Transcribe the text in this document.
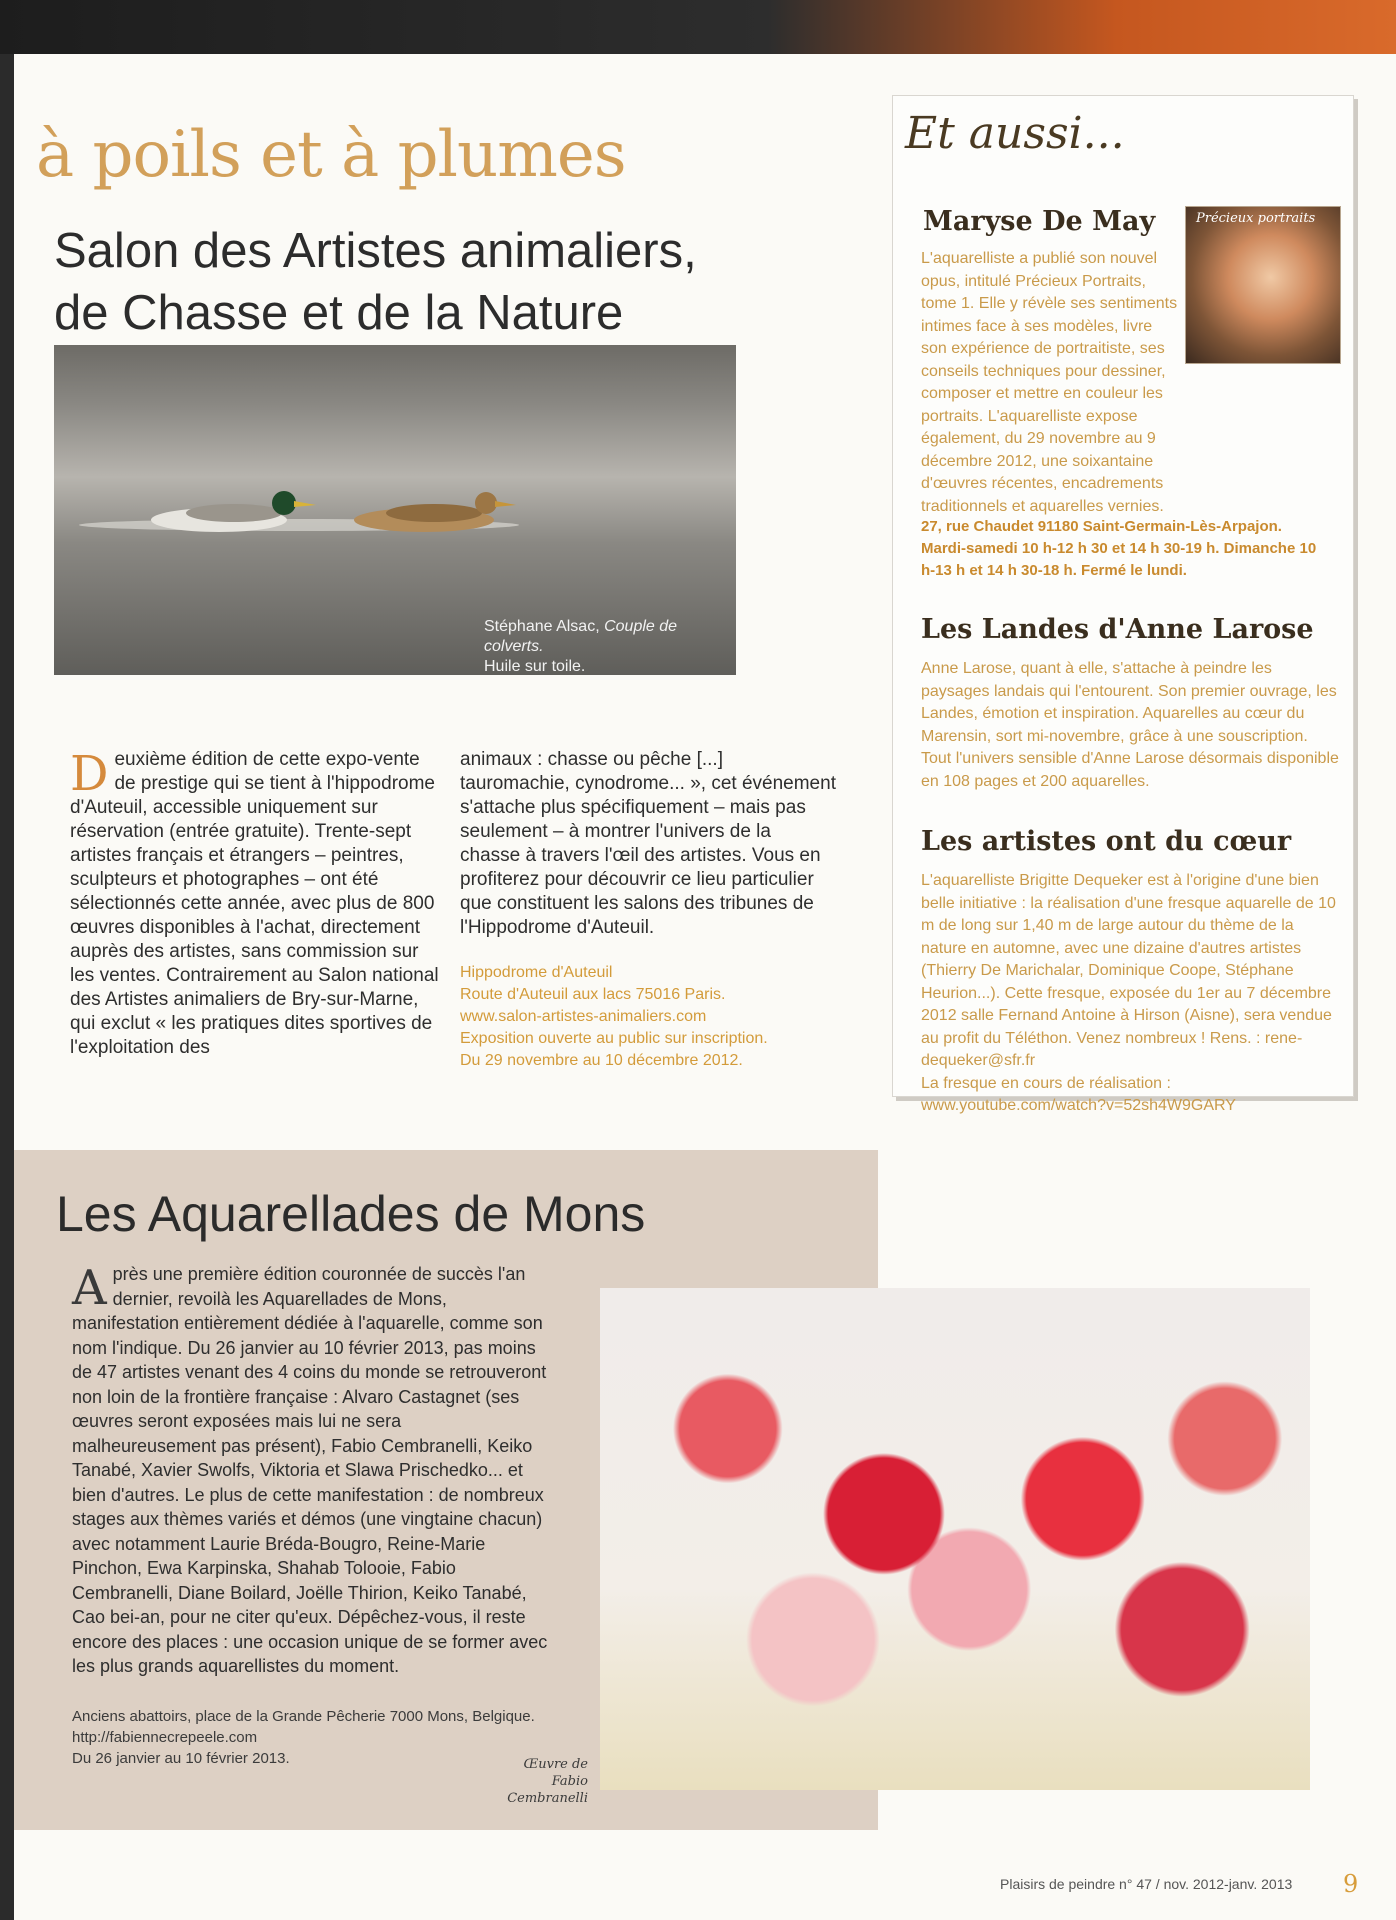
à poils et à plumes
Salon des Artistes animaliers,
de Chasse et de la Nature
Stéphane Alsac, Couple de colverts.
Huile sur toile.
Deuxième édition de cette expo-vente de prestige qui se tient à l'hippodrome d'Auteuil, accessible uniquement sur réservation (entrée gratuite). Trente-sept artistes français et étrangers – peintres, sculpteurs et photographes – ont été sélectionnés cette année, avec plus de 800 œuvres disponibles à l'achat, directement auprès des artistes, sans commission sur les ventes. Contrairement au Salon national des Artistes animaliers de Bry-sur-Marne, qui exclut « les pratiques dites sportives de l'exploitation des
animaux : chasse ou pêche [...] tauromachie, cynodrome... », cet événement s'attache plus spécifiquement – mais pas seulement – à montrer l'univers de la chasse à travers l'œil des artistes. Vous en profiterez pour découvrir ce lieu particulier que constituent les salons des tribunes de l'Hippodrome d'Auteuil.
Hippodrome d'Auteuil
Route d'Auteuil aux lacs 75016 Paris.
www.salon-artistes-animaliers.com
Exposition ouverte au public sur inscription.
Du 29 novembre au 10 décembre 2012.
Et aussi...
Maryse De May	Précieux portraits
L'aquarelliste a publié son nouvel opus, intitulé Précieux Portraits, tome 1. Elle y révèle ses sentiments intimes face à ses modèles, livre son expérience de portraitiste, ses conseils techniques pour dessiner, composer et mettre en couleur les portraits. L'aquarelliste expose également, du 29 novembre au 9 décembre 2012, une soixantaine d'œuvres récentes, encadrements traditionnels et aquarelles vernies.
27, rue Chaudet 91180 Saint-Germain-Lès-Arpajon. Mardi-samedi 10 h-12 h 30 et 14 h 30-19 h. Dimanche 10 h-13 h et 14 h 30-18 h. Fermé le lundi.
Les Landes d'Anne Larose
Anne Larose, quant à elle, s'attache à peindre les paysages landais qui l'entourent. Son premier ouvrage, les Landes, émotion et inspiration. Aquarelles au cœur du Marensin, sort mi-novembre, grâce à une souscription. Tout l'univers sensible d'Anne Larose désormais disponible en 108 pages et 200 aquarelles.
Les artistes ont du cœur
L'aquarelliste Brigitte Dequeker est à l'origine d'une bien belle initiative : la réalisation d'une fresque aquarelle de 10 m de long sur 1,40 m de large autour du thème de la nature en automne, avec une dizaine d'autres artistes (Thierry De Marichalar, Dominique Coope, Stéphane Heurion...). Cette fresque, exposée du 1er au 7 décembre 2012 salle Fernand Antoine à Hirson (Aisne), sera vendue au profit du Téléthon. Venez nombreux ! Rens. : rene-dequeker@sfr.fr
La fresque en cours de réalisation :
www.youtube.com/watch?v=52sh4W9GARY
Les Aquarellades de Mons
Après une première édition couronnée de succès l'an dernier, revoilà les Aquarellades de Mons, manifestation entièrement dédiée à l'aquarelle, comme son nom l'indique. Du 26 janvier au 10 février 2013, pas moins de 47 artistes venant des 4 coins du monde se retrouveront non loin de la frontière française : Alvaro Castagnet (ses œuvres seront exposées mais lui ne sera malheureusement pas présent), Fabio Cembranelli, Keiko Tanabé, Xavier Swolfs, Viktoria et Slawa Prischedko... et bien d'autres. Le plus de cette manifestation : de nombreux stages aux thèmes variés et démos (une vingtaine chacun) avec notamment Laurie Bréda-Bougro, Reine-Marie Pinchon, Ewa Karpinska, Shahab Tolooie, Fabio Cembranelli, Diane Boilard, Joëlle Thirion, Keiko Tanabé, Cao bei-an, pour ne citer qu'eux. Dépêchez-vous, il reste encore des places : une occasion unique de se former avec les plus grands aquarellistes du moment.
Anciens abattoirs, place de la Grande Pêcherie 7000 Mons, Belgique.
http://fabiennecrepeele.com
Du 26 janvier au 10 février 2013.	Œuvre de
Fabio Cembranelli
Plaisirs de peindre n° 47 / nov. 2012-janv. 2013 9
